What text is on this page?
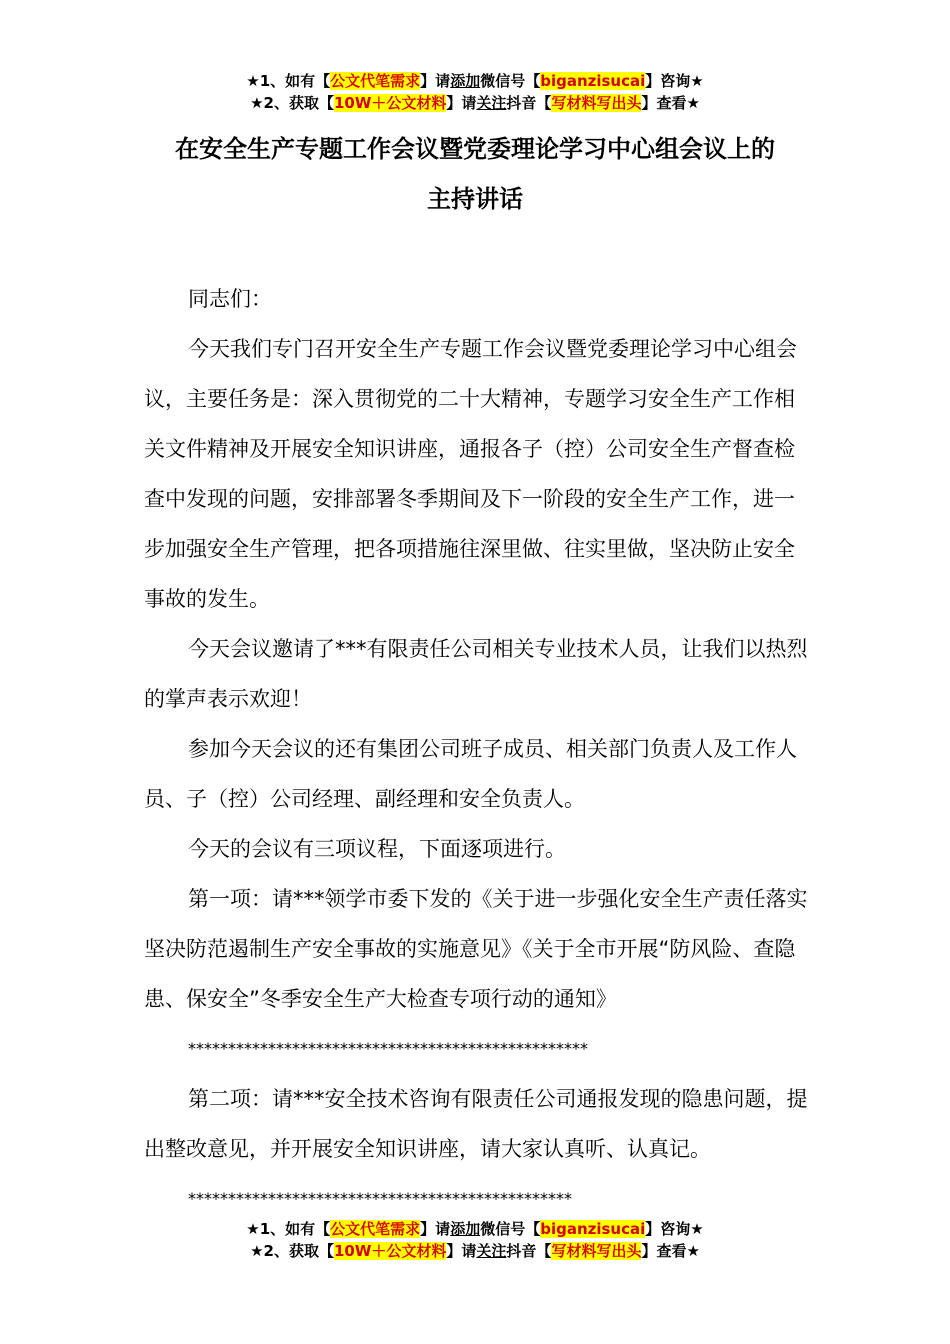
★1、如有【公文代笔需求】请添加微信号【biganzisucai】咨询★
★2、获取【10W＋公文材料】请关注抖音【写材料写出头】查看★
在安全生产专题工作会议暨党委理论学习中心组会议上的
主持讲话

同志们：

今天我们专门召开安全生产专题工作会议暨党委理论学习中心组会议，主要任务是：深入贯彻党的二十大精神，专题学习安全生产工作相关文件精神及开展安全知识讲座，通报各子（控）公司安全生产督查检查中发现的问题，安排部署冬季期间及下一阶段的安全生产工作，进一步加强安全生产管理，把各项措施往深里做、往实里做，坚决防止安全事故的发生。

今天会议邀请了***有限责任公司相关专业技术人员，让我们以热烈的掌声表示欢迎！

参加今天会议的还有集团公司班子成员、相关部门负责人及工作人员、子（控）公司经理、副经理和安全负责人。

今天的会议有三项议程，下面逐项进行。

第一项：请***领学市委下发的《关于进一步强化安全生产责任落实坚决防范遏制生产安全事故的实施意见》《关于全市开展“防风险、查隐患、保安全”冬季安全生产大检查专项行动的通知》

**************************************************

第二项：请***安全技术咨询有限责任公司通报发现的隐患问题，提出整改意见，并开展安全知识讲座，请大家认真听、认真记。

************************************************

★1、如有【公文代笔需求】请添加微信号【biganzisucai】咨询★
★2、获取【10W＋公文材料】请关注抖音【写材料写出头】查看★
